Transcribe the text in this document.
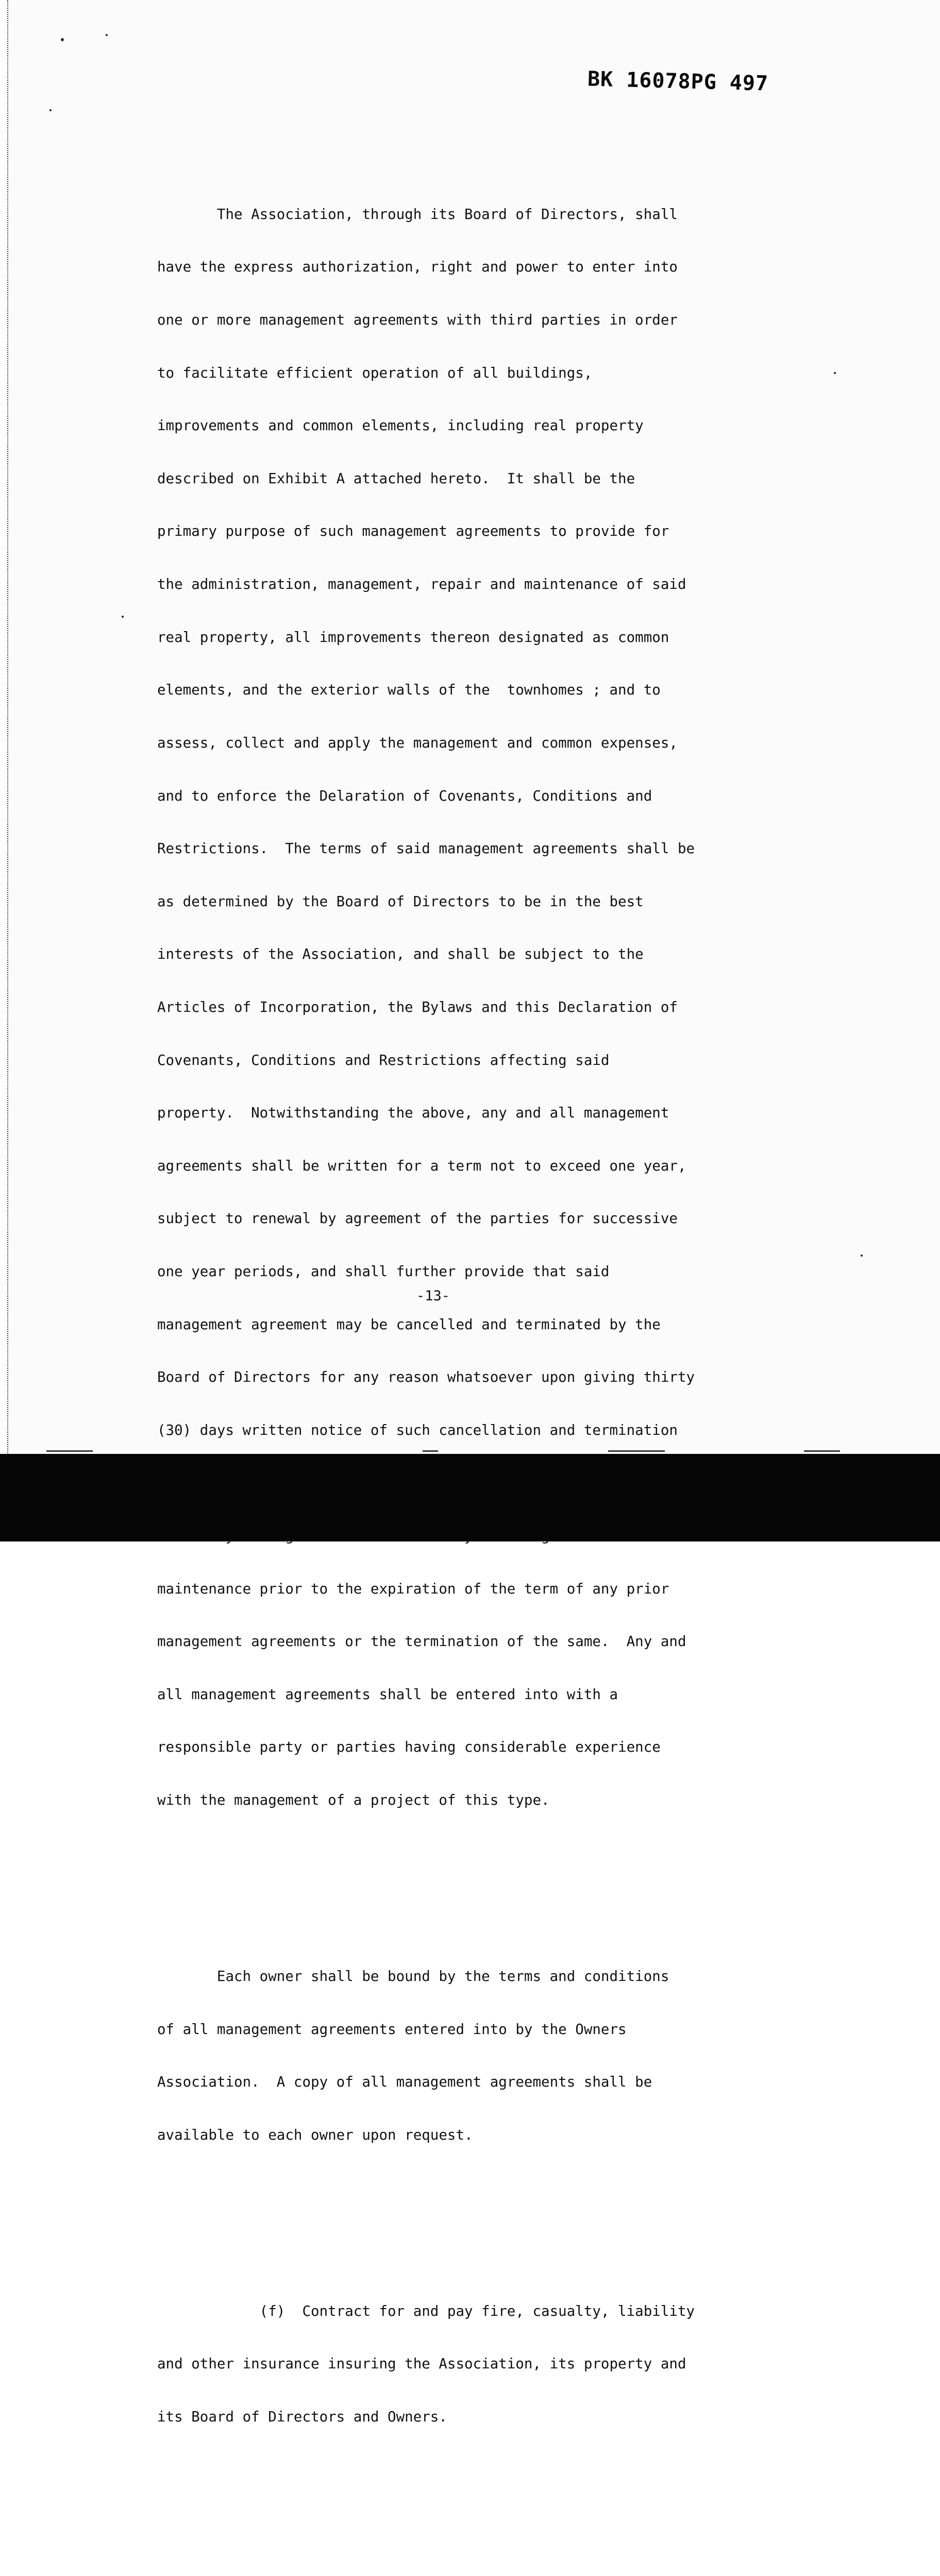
BK 16078PG 497

The Association, through its Board of Directors, shall

have the express authorization, right and power to enter into

one or more management agreements with third parties in order

to facilitate efficient operation of all buildings,

improvements and common elements, including real property

described on Exhibit A attached hereto.  It shall be the

primary purpose of such management agreements to provide for

the administration, management, repair and maintenance of said

real property, all improvements thereon designated as common

elements, and the exterior walls of the  townhomes ; and to

assess, collect and apply the management and common expenses,

and to enforce the Delaration of Covenants, Conditions and

Restrictions.  The terms of said management agreements shall be

as determined by the Board of Directors to be in the best

interests of the Association, and shall be subject to the

Articles of Incorporation, the Bylaws and this Declaration of

Covenants, Conditions and Restrictions affecting said

property.  Notwithstanding the above, any and all management

agreements shall be written for a term not to exceed one year,

subject to renewal by agreement of the parties for successive

one year periods, and shall further provide that said

management agreement may be cancelled and terminated by the

Board of Directors for any reason whatsoever upon giving thirty

(30) days written notice of such cancellation and termination

maintenance prior to the expiration of the term of any prior

management agreements or the termination of the same.  Any and

all management agreements shall be entered into with a

responsible party or parties having considerable experience

with the management of a project of this type.

Each owner shall be bound by the terms and conditions

of all management agreements entered into by the Owners

Association.  A copy of all management agreements shall be

available to each owner upon request.

(f)  Contract for and pay fire, casualty, liability

and other insurance insuring the Association, its property and

its Board of Directors and Owners.

-13-
